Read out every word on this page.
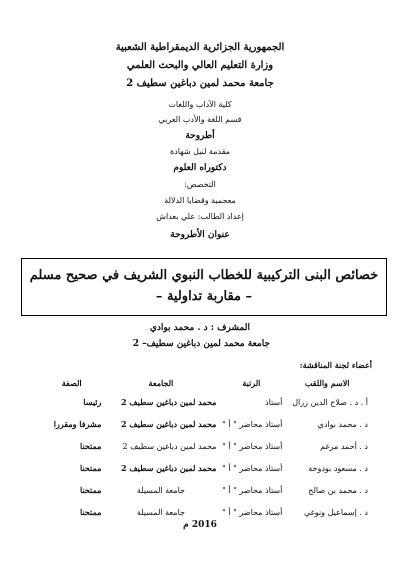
الجمهورية الجزائرية الديمقراطية الشعبية
وزارة التعليم العالي والبحث العلمي
جامعة محمد لمين دباغين سطيف 2
كلية الآداب واللغات
قسم اللغة والأدب العربي
أطروحة
مقدمة لنيل شهادة
دكتوراه العلوم
التخصص:
معجمية وقضايا الدلالة
إعداد الطالب: علي بعداش
عنوان الأطروحة
خصائص البنى التركيبية للخطاب النبوي الشريف في صحيح مسلم
– مقاربة تداولية –
المشرف : د . محمد بوادي
جامعة محمد لمين دباغين سطيف– 2
أعضاء لجنة المناقشة:
الاسم واللقب	الرتبة	الجامعة	الصفة
أ . د . صلاح الدين زرال	أستاذ	محمد لمين دباغين سطيف 2	رئيسا
د . محمد بوادي	أستاذ محاضر " أ "	محمد لمين دباغين سطيف 2	مشرفا ومقررا
د . أحمد مرغم	أستاذ محاضر " أ "	محمد لمين دباغين سطيف 2	ممتحنا
د . مسعود بودوخة	أستاذ محاضر " أ "	محمد لمين دباغين سطيف 2	ممتحنا
د . محمد بن صالح	أستاذ محاضر " أ "	جامعة المسيلة	ممتحنا
د . إسماعيل ونوغي	أستاذ محاضر " أ "	جامعة المسيلة	ممتحنا
2016 م
